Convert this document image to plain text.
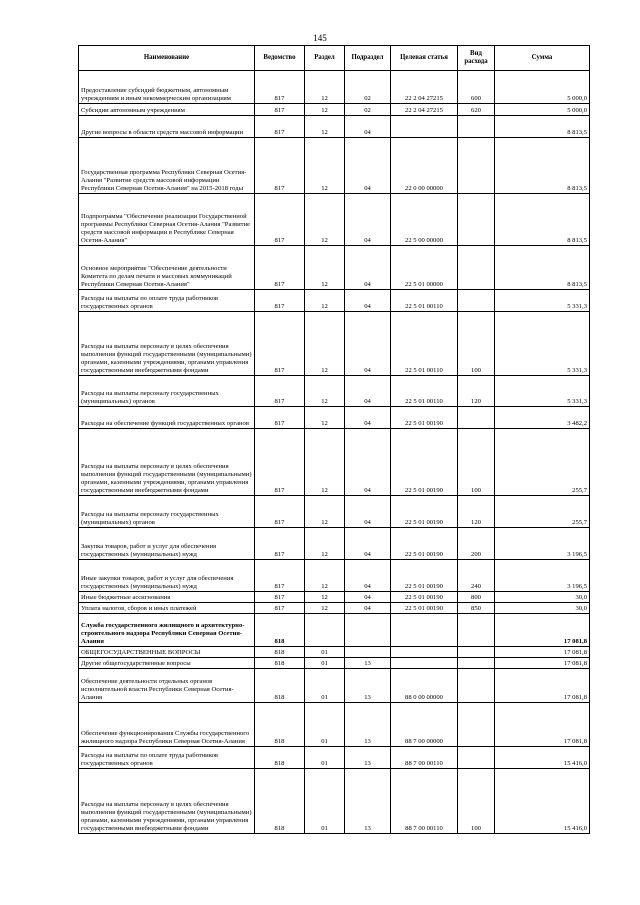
145
Наименование	Ведомство	Раздел	Подраздел	Целевая статья	Вид расхода	Сумма
Предоставление субсидий бюджетным, автономным учреждениям и иным некоммерческим организациям	817	12	02	22 2 04 27215	600	5 000,0
Субсидии автономным учреждениям	817	12	02	22 2 04 27215	620	5 000,0
Другие вопросы в области средств массовой информации	817	12	04			8 813,5
Государственная программа Республики Северная Осетия-Алания "Развитие средств массовой информации Республики Северная Осетия-Алания" на 2015-2018 годы	817	12	04	22 0 00 00000		8 813,5
Подпрограмма "Обеспечение реализации Государственной программы Республики Северная Осетия-Алания "Развитие средств массовой информации в Республике Северная Осетия-Алания"	817	12	04	22 5 00 00000		8 813,5
Основное мероприятие "Обеспечение деятельности Комитета по делам печати и массовых коммуникаций Республики Северная Осетия-Алания"	817	12	04	22 5 01 00000		8 813,5
Расходы на выплаты по оплате труда работников государственных органов	817	12	04	22 5 01 00110		5 331,3
Расходы на выплаты персоналу в целях обеспечения выполнения функций государственными (муниципальными) органами, казенными учреждениями, органами управления государственными внебюджетными фондами	817	12	04	22 5 01 00110	100	5 331,3
Расходы на выплаты персоналу государственных (муниципальных) органов	817	12	04	22 5 01 00110	120	5 331,3
Расходы на обеспечение функций государственных органов	817	12	04	22 5 01 00190		3 482,2
Расходы на выплаты персоналу в целях обеспечения выполнения функций государственными (муниципальными) органами, казенными учреждениями, органами управления государственными внебюджетными фондами	817	12	04	22 5 01 00190	100	255,7
Расходы на выплаты персоналу государственных (муниципальных) органов	817	12	04	22 5 01 00190	120	255,7
Закупка товаров, работ и услуг для обеспечения государственных (муниципальных) нужд	817	12	04	22 5 01 00190	200	3 196,5
Иные закупки товаров, работ и услуг для обеспечения государственных (муниципальных) нужд	817	12	04	22 5 01 00190	240	3 196,5
Иные бюджетные ассигнования	817	12	04	22 5 01 00190	800	30,0
Уплата налогов, сборов и иных платежей	817	12	04	22 5 01 00190	850	30,0
Служба государственного жилищного и архитектурно-строительного надзора Республики Северная Осетия-Алания	818					17 081,8
ОБЩЕГОСУДАРСТВЕННЫЕ ВОПРОСЫ	818	01				17 081,8
Другие общегосударственные вопросы	818	01	13			17 081,8
Обеспечение деятельности отдельных органов исполнительной власти Республики Северная Осетия-Алания	818	01	13	88 0 00 00000		17 081,8
Обеспечение функционирования Службы государственного жилищного надзора Республики Северная Осетия-Алания	818	01	13	88 7 00 00000		17 081,8
Расходы на выплаты по оплате труда работников государственных органов	818	01	13	88 7 00 00110		15 416,0
Расходы на выплаты персоналу в целях обеспечения выполнения функций государственными (муниципальными) органами, казенными учреждениями, органами управления государственными внебюджетными фондами	818	01	13	88 7 00 00110	100	15 416,0
